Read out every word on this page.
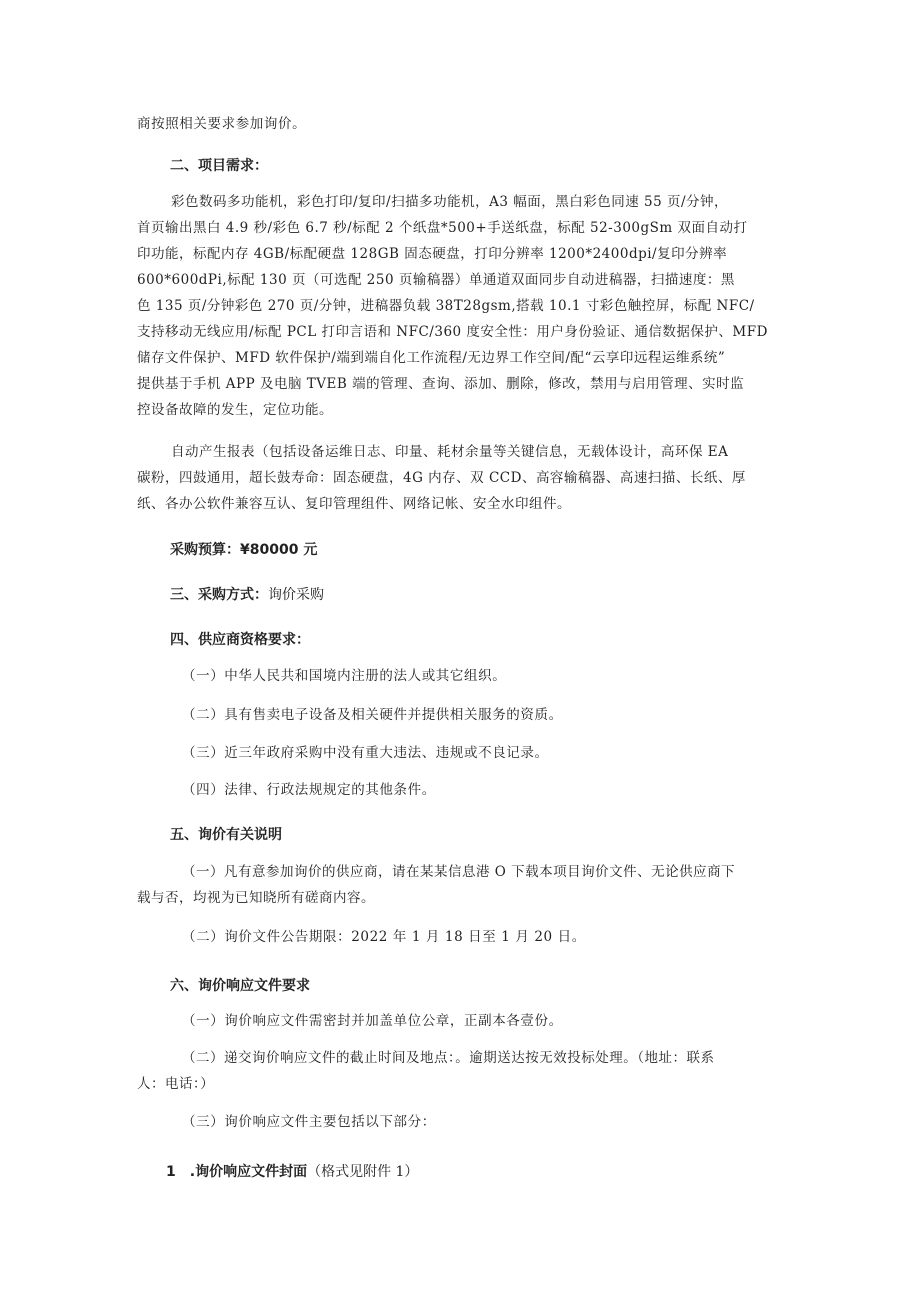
商按照相关要求参加询价。

二、项目需求：

彩色数码多功能机，彩色打印/复印/扫描多功能机，A3 幅面，黑白彩色同速 55 页/分钟，
首页输出黑白 4.9 秒/彩色 6.7 秒/标配 2 个纸盘*500+手送纸盘，标配 52-300gSm 双面自动打
印功能，标配内存 4GB/标配硬盘 128GB 固态硬盘，打印分辨率 1200*2400dpi/复印分辨率
600*600dPi,标配 130 页（可选配 250 页输稿器）单通道双面同步自动进稿器，扫描速度：黑
色 135 页/分钟彩色 270 页/分钟，进稿器负载 38T28gsm,搭载 10.1 寸彩色触控屏，标配 NFC/
支持移动无线应用/标配 PCL 打印言语和 NFC/360 度安全性：用户身份验证、通信数据保护、MFD
储存文件保护、MFD 软件保护/端到端自化工作流程/无边界工作空间/配“云享印远程运维系统”
提供基于手机 APP 及电脑 TVEB 端的管理、查询、添加、删除，修改，禁用与启用管理、实时监
控设备故障的发生，定位功能。
自动产生报表（包括设备运维日志、印量、耗材余量等关键信息，无载体设计，高环保 EA
碳粉，四鼓通用，超长鼓寿命：固态硬盘，4G 内存、双 CCD、高容输稿器、高速扫描、长纸、厚
纸、各办公软件兼容互认、复印管理组件、网络记帐、安全水印组件。

采购预算：¥80000 元

三、采购方式：询价采购

四、供应商资格要求：

（一）中华人民共和国境内注册的法人或其它组织。

（二）具有售卖电子设备及相关硬件并提供相关服务的资质。

（三）近三年政府采购中没有重大违法、违规或不良记录。

（四）法律、行政法规规定的其他条件。

五、询价有关说明

（一）凡有意参加询价的供应商，请在某某信息港 O 下载本项目询价文件、无论供应商下
载与否，均视为已知晓所有磋商内容。

（二）询价文件公告期限：2022 年 1 月 18 日至 1 月 20 日。

六、询价响应文件要求

（一）询价响应文件需密封并加盖单位公章，正副本各壹份。

（二）递交询价响应文件的截止时间及地点：。逾期送达按无效投标处理。（地址：联系
人：电话：）

（三）询价响应文件主要包括以下部分：

1 .询价响应文件封面（格式见附件 1）
